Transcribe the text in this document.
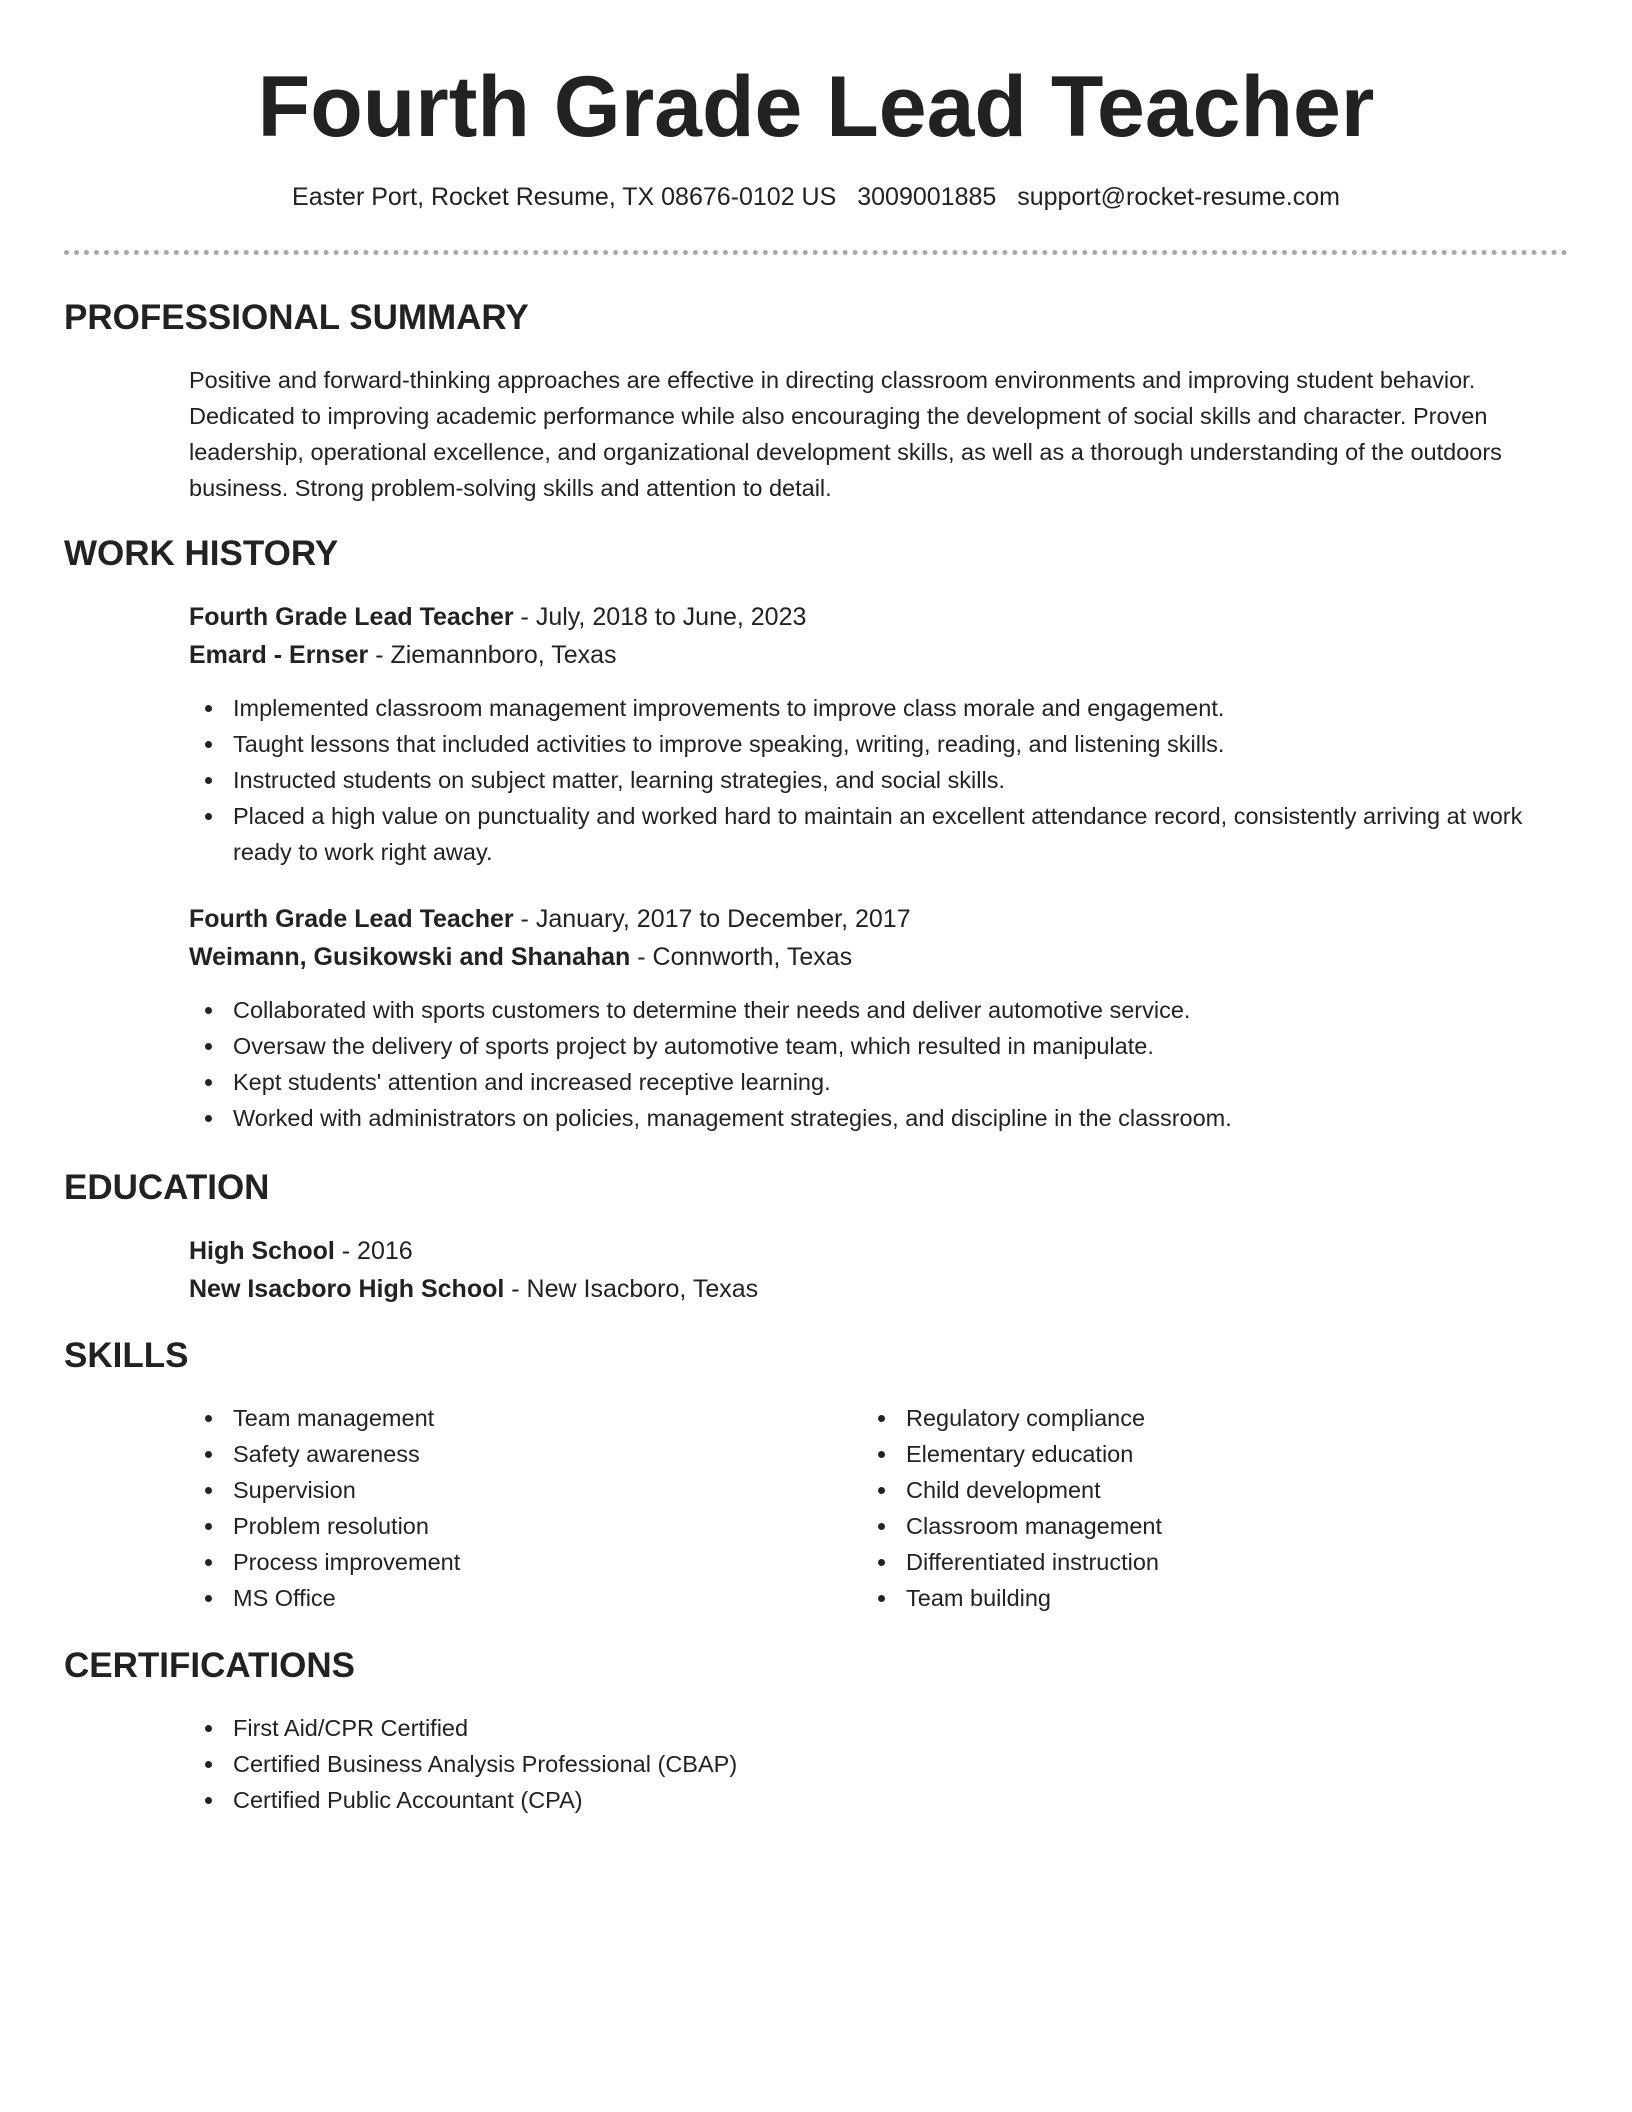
Fourth Grade Lead Teacher
Easter Port, Rocket Resume, TX 08676-0102 US 3009001885 support@rocket-resume.com
PROFESSIONAL SUMMARY

Positive and forward-thinking approaches are effective in directing classroom environments and improving student behavior. Dedicated to improving academic performance while also encouraging the development of social skills and character. Proven leadership, operational excellence, and organizational development skills, as well as a thorough understanding of the outdoors business. Strong problem-solving skills and attention to detail.

WORK HISTORY
Fourth Grade Lead Teacher - July, 2018 to June, 2023
Emard - Ernser - Ziemannboro, Texas
Implemented classroom management improvements to improve class morale and engagement.
Taught lessons that included activities to improve speaking, writing, reading, and listening skills.
Instructed students on subject matter, learning strategies, and social skills.
Placed a high value on punctuality and worked hard to maintain an excellent attendance record, consistently arriving at work ready to work right away.
Fourth Grade Lead Teacher - January, 2017 to December, 2017
Weimann, Gusikowski and Shanahan - Connworth, Texas
Collaborated with sports customers to determine their needs and deliver automotive service.
Oversaw the delivery of sports project by automotive team, which resulted in manipulate.
Kept students' attention and increased receptive learning.
Worked with administrators on policies, management strategies, and discipline in the classroom.
EDUCATION
High School - 2016
New Isacboro High School - New Isacboro, Texas
SKILLS
Team management
Safety awareness
Supervision
Problem resolution
Process improvement
MS Office
Regulatory compliance
Elementary education
Child development
Classroom management
Differentiated instruction
Team building
CERTIFICATIONS
First Aid/CPR Certified
Certified Business Analysis Professional (CBAP)
Certified Public Accountant (CPA)
